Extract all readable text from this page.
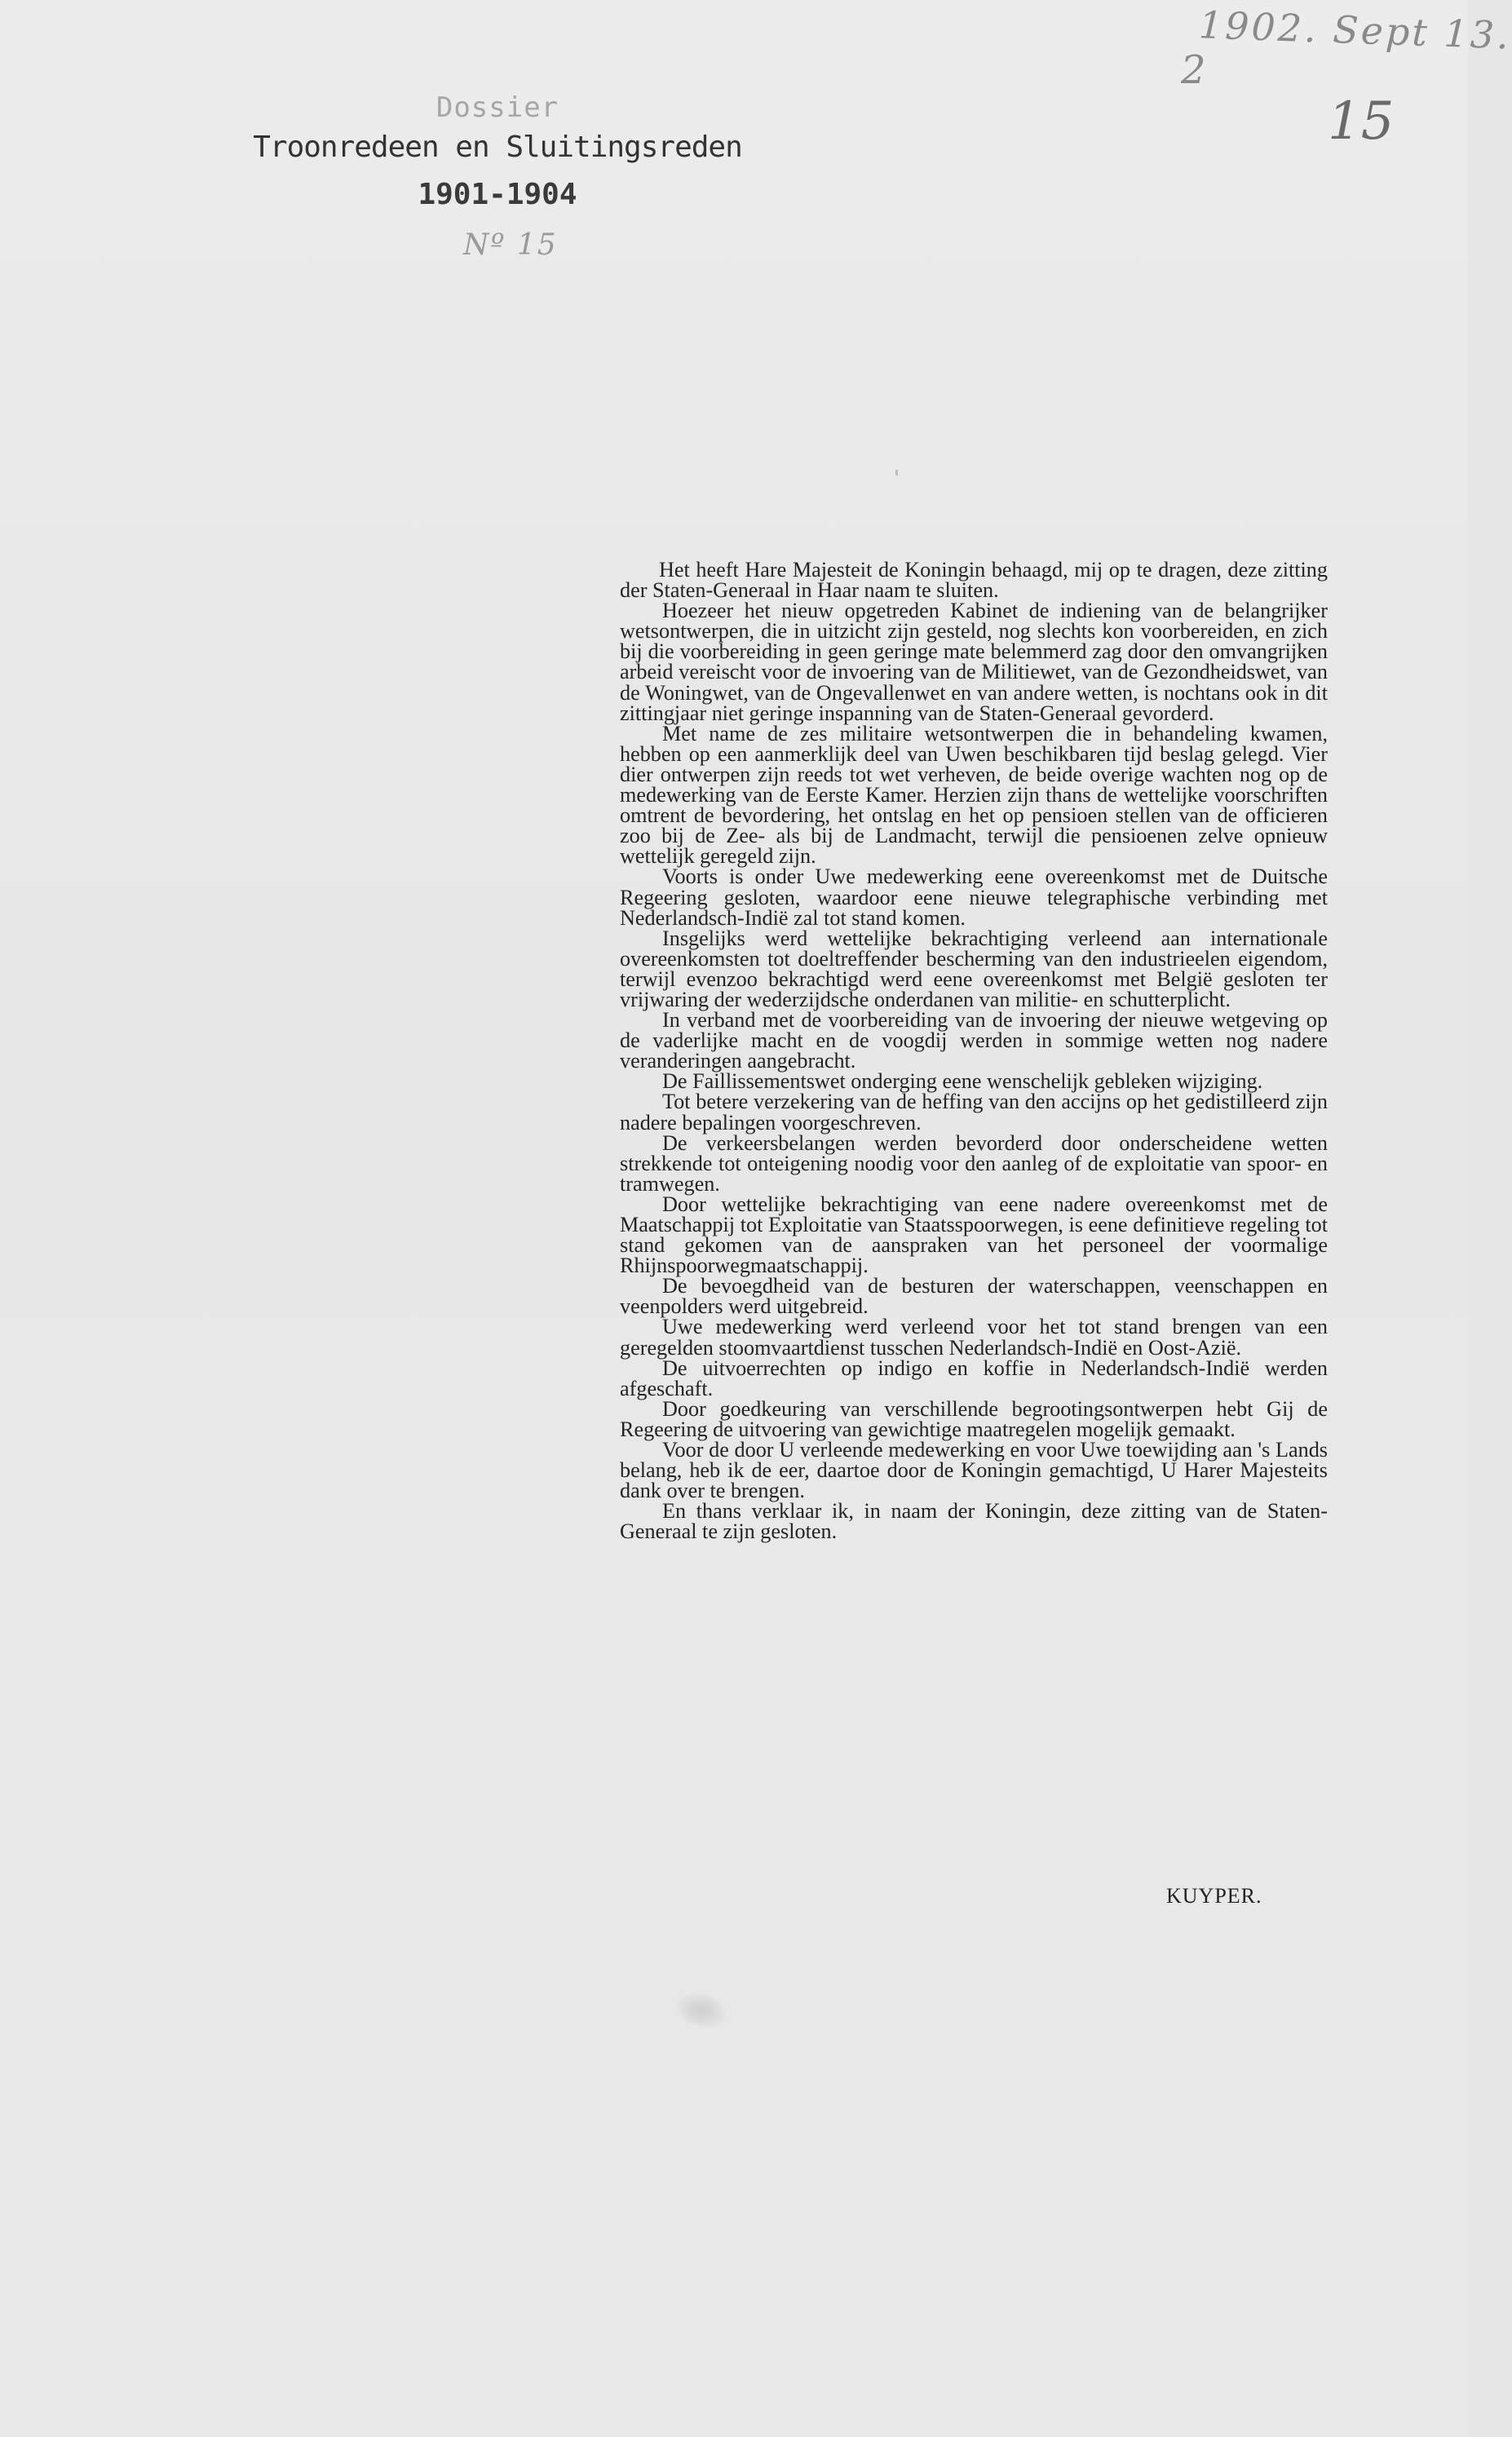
1902. Sept 13.
2
15
Dossier
Troonredeen en Sluitingsreden
1901-1904
Nº 15

Het heeft Hare Majesteit de Koningin behaagd, mij op te dragen, deze zitting der Staten-Generaal in Haar naam te sluiten.

Hoezeer het nieuw opgetreden Kabinet de indiening van de belangrijker wetsontwerpen, die in uitzicht zijn gesteld, nog slechts kon voorbereiden, en zich bij die voorbereiding in geen geringe mate belemmerd zag door den omvangrijken arbeid vereischt voor de invoering van de Militiewet, van de Gezondheidswet, van de Woningwet, van de Ongevallenwet en van andere wetten, is nochtans ook in dit zittingjaar niet geringe inspanning van de Staten-Generaal gevorderd.

Met name de zes militaire wetsontwerpen die in behandeling kwamen, hebben op een aanmerklijk deel van Uwen beschikbaren tijd beslag gelegd. Vier dier ontwerpen zijn reeds tot wet verheven, de beide overige wachten nog op de medewerking van de Eerste Kamer. Herzien zijn thans de wettelijke voorschriften omtrent de bevordering, het ontslag en het op pensioen stellen van de officieren zoo bij de Zee- als bij de Landmacht, terwijl die pensioenen zelve opnieuw wettelijk geregeld zijn.

Voorts is onder Uwe medewerking eene overeenkomst met de Duitsche Regeering gesloten, waardoor eene nieuwe telegraphische verbinding met Nederlandsch-Indië zal tot stand komen.

Insgelijks werd wettelijke bekrachtiging verleend aan internationale overeenkomsten tot doeltreffender bescherming van den industrieelen eigendom, terwijl evenzoo bekrachtigd werd eene overeenkomst met België gesloten ter vrijwaring der wederzijdsche onderdanen van militie- en schutterplicht.

In verband met de voorbereiding van de invoering der nieuwe wetgeving op de vaderlijke macht en de voogdij werden in sommige wetten nog nadere veranderingen aangebracht.

De Faillissementswet onderging eene wenschelijk gebleken wijziging.

Tot betere verzekering van de heffing van den accijns op het gedistilleerd zijn nadere bepalingen voorgeschreven.

De verkeersbelangen werden bevorderd door onderscheidene wetten strekkende tot onteigening noodig voor den aanleg of de exploitatie van spoor- en tramwegen.

Door wettelijke bekrachtiging van eene nadere overeenkomst met de Maatschappij tot Exploitatie van Staatsspoorwegen, is eene definitieve regeling tot stand gekomen van de aanspraken van het personeel der voormalige Rhijnspoorwegmaatschappij.

De bevoegdheid van de besturen der waterschappen, veenschappen en veenpolders werd uitgebreid.

Uwe medewerking werd verleend voor het tot stand brengen van een geregelden stoomvaartdienst tusschen Nederlandsch-Indië en Oost-Azië.

De uitvoerrechten op indigo en koffie in Nederlandsch-Indië werden afgeschaft.

Door goedkeuring van verschillende begrootingsontwerpen hebt Gij de Regeering de uitvoering van gewichtige maatregelen mogelijk gemaakt.

Voor de door U verleende medewerking en voor Uwe toewijding aan 's Lands belang, heb ik de eer, daartoe door de Koningin gemachtigd, U Harer Majesteits dank over te brengen.

En thans verklaar ik, in naam der Koningin, deze zitting van de Staten-Generaal te zijn gesloten.

KUYPER.
